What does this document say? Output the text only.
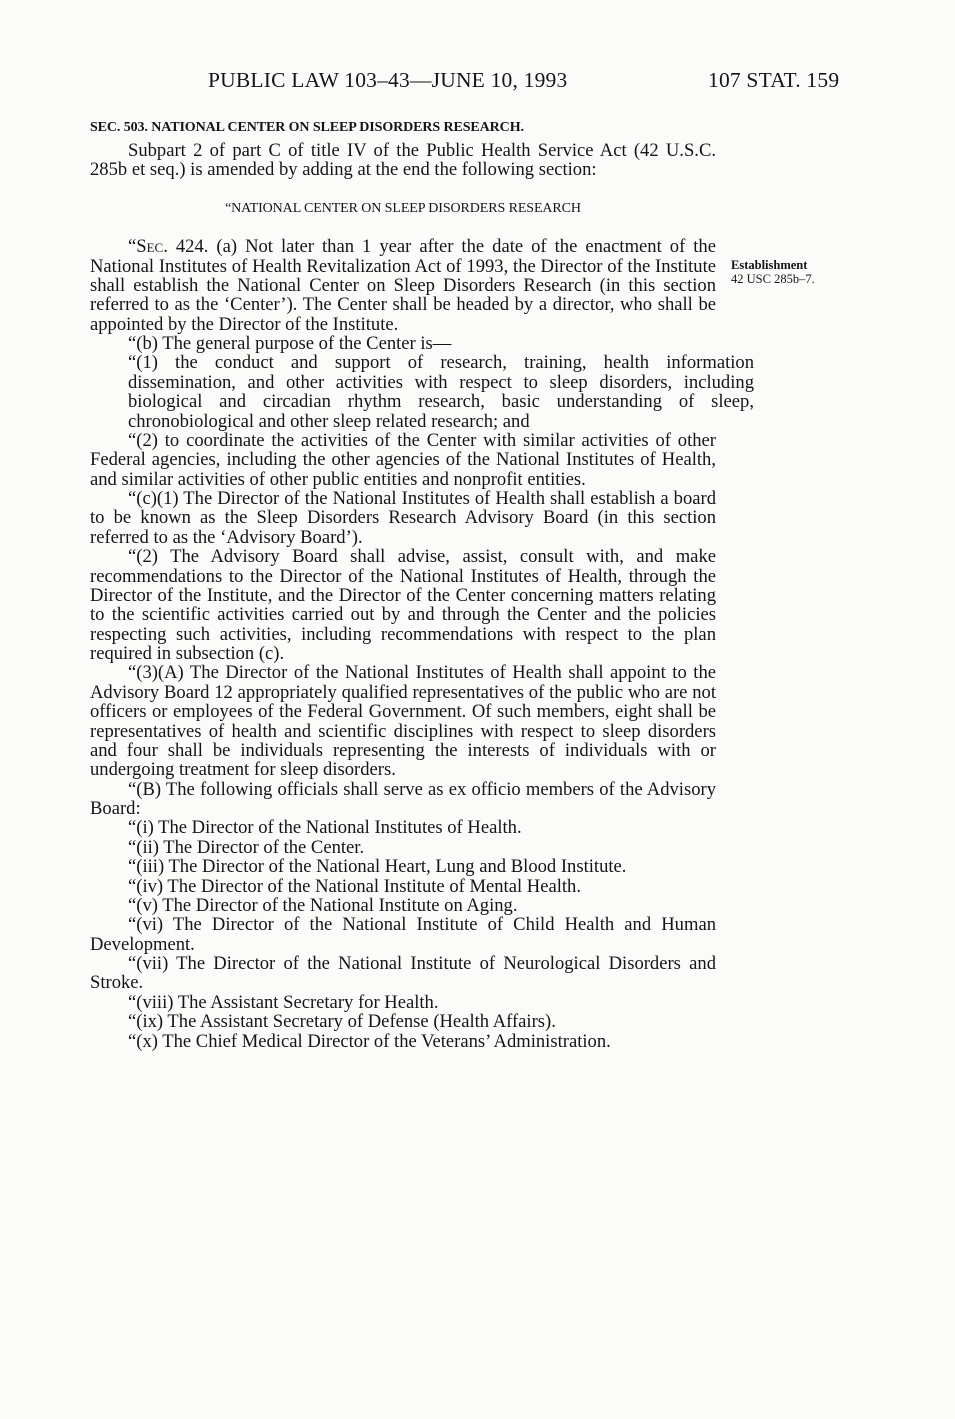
PUBLIC LAW 103–43—JUNE 10, 1993	107 STAT. 159
SEC. 503. NATIONAL CENTER ON SLEEP DISORDERS RESEARCH.
Establishment
42 USC 285b–7.

Subpart 2 of part C of title IV of the Public Health Service Act (42 U.S.C. 285b et seq.) is amended by adding at the end the following section:

“NATIONAL CENTER ON SLEEP DISORDERS RESEARCH

“Sec. 424. (a) Not later than 1 year after the date of the enactment of the National Institutes of Health Revitalization Act of 1993, the Director of the Institute shall establish the National Center on Sleep Disorders Research (in this section referred to as the ‘Center’). The Center shall be headed by a director, who shall be appointed by the Director of the Institute.

“(b) The general purpose of the Center is—

“(1) the conduct and support of research, training, health information dissemination, and other activities with respect to sleep disorders, including biological and circadian rhythm research, basic understanding of sleep, chronobiological and other sleep related research; and

“(2) to coordinate the activities of the Center with similar activities of other Federal agencies, including the other agencies of the National Institutes of Health, and similar activities of other public entities and nonprofit entities.

“(c)(1) The Director of the National Institutes of Health shall establish a board to be known as the Sleep Disorders Research Advisory Board (in this section referred to as the ‘Advisory Board’).

“(2) The Advisory Board shall advise, assist, consult with, and make recommendations to the Director of the National Institutes of Health, through the Director of the Institute, and the Director of the Center concerning matters relating to the scientific activities carried out by and through the Center and the policies respecting such activities, including recommendations with respect to the plan required in subsection (c).

“(3)(A) The Director of the National Institutes of Health shall appoint to the Advisory Board 12 appropriately qualified representatives of the public who are not officers or employees of the Federal Government. Of such members, eight shall be representatives of health and scientific disciplines with respect to sleep disorders and four shall be individuals representing the interests of individuals with or undergoing treatment for sleep disorders.

“(B) The following officials shall serve as ex officio members of the Advisory Board:

“(i) The Director of the National Institutes of Health.

“(ii) The Director of the Center.

“(iii) The Director of the National Heart, Lung and Blood Institute.

“(iv) The Director of the National Institute of Mental Health.

“(v) The Director of the National Institute on Aging.

“(vi) The Director of the National Institute of Child Health and Human Development.

“(vii) The Director of the National Institute of Neurological Disorders and Stroke.

“(viii) The Assistant Secretary for Health.

“(ix) The Assistant Secretary of Defense (Health Affairs).

“(x) The Chief Medical Director of the Veterans’ Administration.
